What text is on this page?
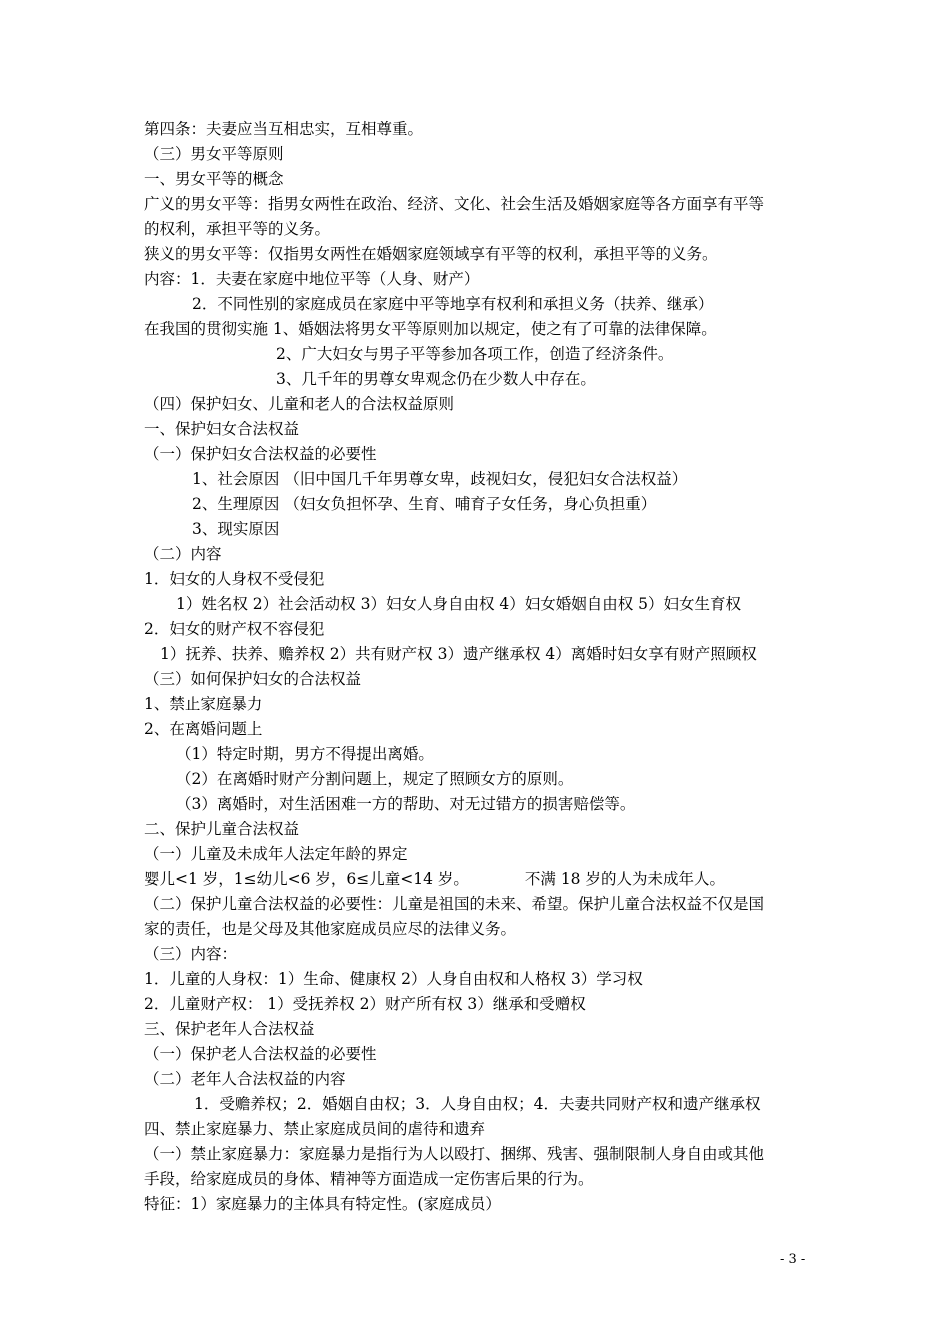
第四条：夫妻应当互相忠实，互相尊重。
（三）男女平等原则
一、男女平等的概念
广义的男女平等：指男女两性在政治、经济、文化、社会生活及婚姻家庭等各方面享有平等
的权利，承担平等的义务。
狭义的男女平等：仅指男女两性在婚姻家庭领域享有平等的权利，承担平等的义务。
内容：1．夫妻在家庭中地位平等（人身、财产）
2．不同性别的家庭成员在家庭中平等地享有权利和承担义务（扶养、继承）
在我国的贯彻实施 1、婚姻法将男女平等原则加以规定，使之有了可靠的法律保障。
2、广大妇女与男子平等参加各项工作，创造了经济条件。
3、几千年的男尊女卑观念仍在少数人中存在。
（四）保护妇女、儿童和老人的合法权益原则
一、保护妇女合法权益
（一）保护妇女合法权益的必要性
1、社会原因 （旧中国几千年男尊女卑，歧视妇女，侵犯妇女合法权益）
2、生理原因 （妇女负担怀孕、生育、哺育子女任务，身心负担重）
3、现实原因
（二）内容
1．妇女的人身权不受侵犯
1）姓名权 2）社会活动权 3）妇女人身自由权 4）妇女婚姻自由权 5）妇女生育权
2．妇女的财产权不容侵犯
1）抚养、扶养、赡养权 2）共有财产权 3）遗产继承权 4）离婚时妇女享有财产照顾权
（三）如何保护妇女的合法权益
1、禁止家庭暴力
2、在离婚问题上
（1）特定时期，男方不得提出离婚。
（2）在离婚时财产分割问题上，规定了照顾女方的原则。
（3）离婚时，对生活困难一方的帮助、对无过错方的损害赔偿等。
二、保护儿童合法权益
（一）儿童及未成年人法定年龄的界定
婴儿<1 岁，1≤幼儿<6 岁，6≤儿童<14 岁。	不满 18 岁的人为未成年人。
（二）保护儿童合法权益的必要性：儿童是祖国的未来、希望。保护儿童合法权益不仅是国
家的责任，也是父母及其他家庭成员应尽的法律义务。
（三）内容：
1．儿童的人身权：1）生命、健康权 2）人身自由权和人格权 3）学习权
2．儿童财产权： 1）受抚养权 2）财产所有权 3）继承和受赠权
三、保护老年人合法权益
（一）保护老人合法权益的必要性
（二）老年人合法权益的内容
1．受赡养权；2．婚姻自由权；3．人身自由权；4．夫妻共同财产权和遗产继承权
四、禁止家庭暴力、禁止家庭成员间的虐待和遗弃
（一）禁止家庭暴力：家庭暴力是指行为人以殴打、捆绑、残害、强制限制人身自由或其他
手段，给家庭成员的身体、精神等方面造成一定伤害后果的行为。
特征：1）家庭暴力的主体具有特定性。(家庭成员）
- 3 -
